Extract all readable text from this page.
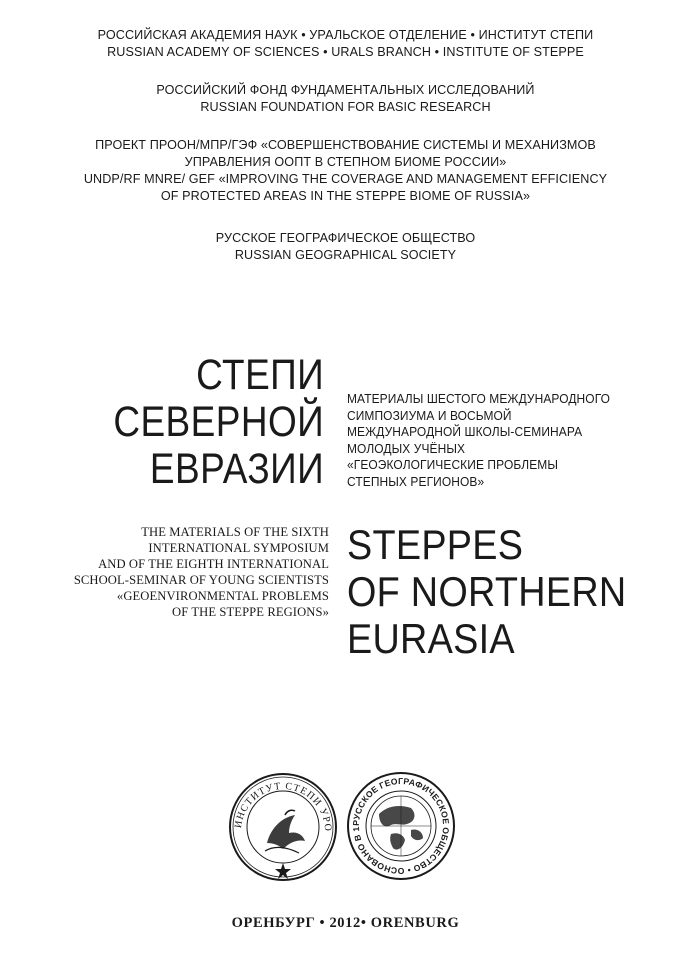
РОССИЙСКАЯ АКАДЕМИЯ НАУК • УРАЛЬСКОЕ ОТДЕЛЕНИЕ • ИНСТИТУТ СТЕПИ
RUSSIAN ACADEMY OF SCIENCES • URALS BRANCH • INSTITUTE OF STEPPE
РОССИЙСКИЙ ФОНД ФУНДАМЕНТАЛЬНЫХ ИССЛЕДОВАНИЙ
RUSSIAN FOUNDATION FOR BASIC RESEARCH
ПРОЕКТ ПРООН/МПР/ГЭФ «СОВЕРШЕНСТВОВАНИЕ СИСТЕМЫ И МЕХАНИЗМОВ
УПРАВЛЕНИЯ ООПТ В СТЕПНОМ БИОМЕ РОССИИ»
UNDP/RF MNRE/ GEF «IMPROVING THE COVERAGE AND MANAGEMENT EFFICIENCY
OF PROTECTED AREAS IN THE STEPPE BIOME OF RUSSIA»
РУССКОЕ ГЕОГРАФИЧЕСКОЕ ОБЩЕСТВО
RUSSIAN GEOGRAPHICAL SOCIETY
СТЕПИ
СЕВЕРНОЙ
ЕВРАЗИИ
МАТЕРИАЛЫ ШЕСТОГО МЕЖДУНАРОДНОГО
СИМПОЗИУМА И ВОСЬМОЙ
МЕЖДУНАРОДНОЙ ШКОЛЫ-СЕМИНАРА
МОЛОДЫХ УЧЁНЫХ
«ГЕОЭКОЛОГИЧЕСКИЕ ПРОБЛЕМЫ
СТЕПНЫХ РЕГИОНОВ»
THE MATERIALS OF THE SIXTH
INTERNATIONAL SYMPOSIUM
AND OF THE EIGHTH INTERNATIONAL
SCHOOL-SEMINAR OF YOUNG SCIENTISTS
«GEOENVIRONMENTAL PROBLEMS
OF THE STEPPE REGIONS»
STEPPES
OF NORTHERN
EURASIA
ИНСТИТУТ СТЕПИ УРО
РУССКОЕ ГЕОГРАФИЧЕСКОЕ ОБЩЕСТВО • ОСНОВАНО В 1
ОРЕНБУРГ • 2012• ORENBURG
